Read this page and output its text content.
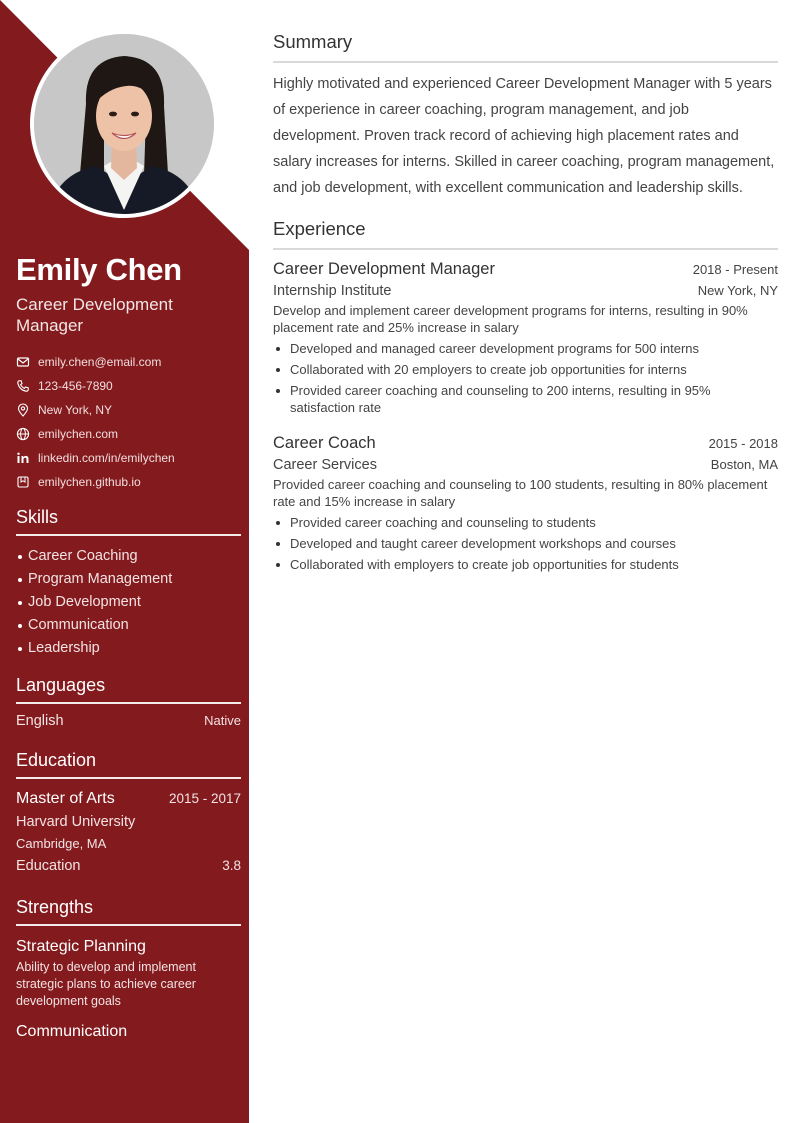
Emily Chen
Career Development Manager
emily.chen@email.com
123-456-7890
New York, NY
emilychen.com
linkedin.com/in/emilychen
emilychen.github.io
Skills
Career Coaching
Program Management
Job Development
Communication
Leadership
Languages
English	Native
Education
Master of Arts	2015 - 2017
Harvard University
Cambridge, MA
Education	3.8
Strengths
Strategic Planning
Ability to develop and implement strategic plans to achieve career development goals
Communication
Summary

Highly motivated and experienced Career Development Manager with 5 years of experience in career coaching, program management, and job development. Proven track record of achieving high placement rates and salary increases for interns. Skilled in career coaching, program management, and job development, with excellent communication and leadership skills.

Experience
Career Development Manager	2018 - Present
Internship Institute	New York, NY

Develop and implement career development programs for interns, resulting in 90% placement rate and 25% increase in salary

Developed and managed career development programs for 500 interns
Collaborated with 20 employers to create job opportunities for interns
Provided career coaching and counseling to 200 interns, resulting in 95% satisfaction rate
Career Coach	2015 - 2018
Career Services	Boston, MA

Provided career coaching and counseling to 100 students, resulting in 80% placement rate and 15% increase in salary

Provided career coaching and counseling to students
Developed and taught career development workshops and courses
Collaborated with employers to create job opportunities for students
